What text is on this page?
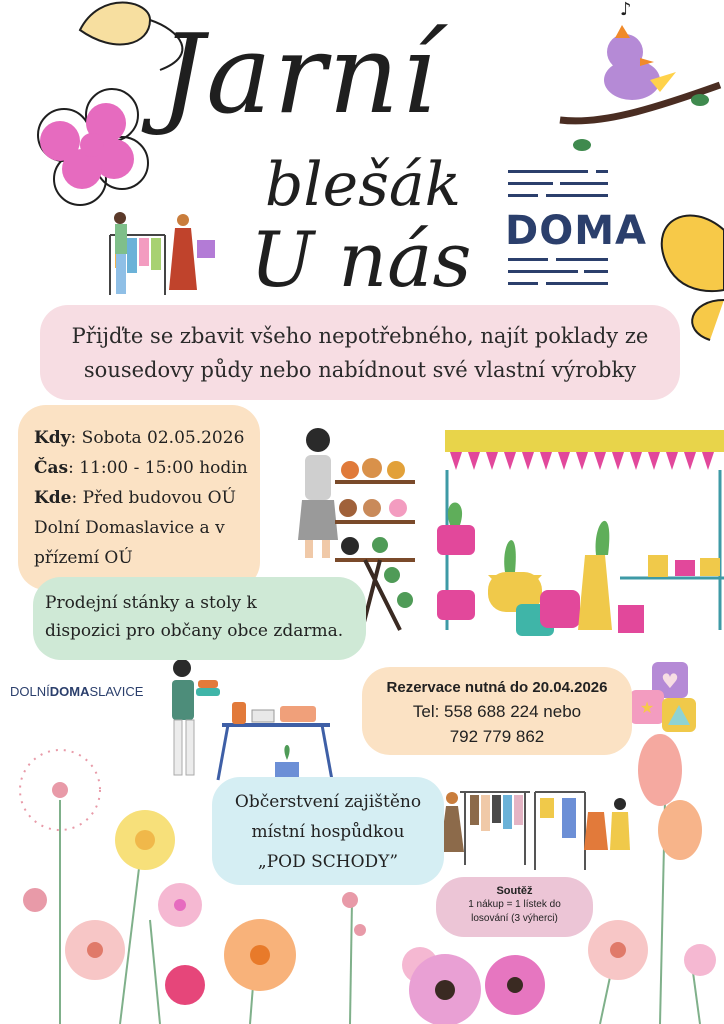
♪
♥
★
Jarní
blešák
U nás DOMA
Přijďte se zbavit všeho nepotřebného, najít poklady ze
sousedovy půdy nebo nabídnout své vlastní výrobky
Kdy: Sobota 02.05.2026
Čas: 11:00 - 15:00 hodin
Kde: Před budovou OÚ
Dolní Domaslavice a v
přízemí OÚ
Prodejní stánky a stoly k
dispozici pro občany obce zdarma.
DOLNÍDOMASLAVICE	Rezervace nutná do 20.04.2026
Tel: 558 688 224 nebo
792 779 862
Občerstvení zajištěno
místní hospůdkou
„POD SCHODY”
Soutěž
1 nákup = 1 lístek do
losování (3 výherci)
